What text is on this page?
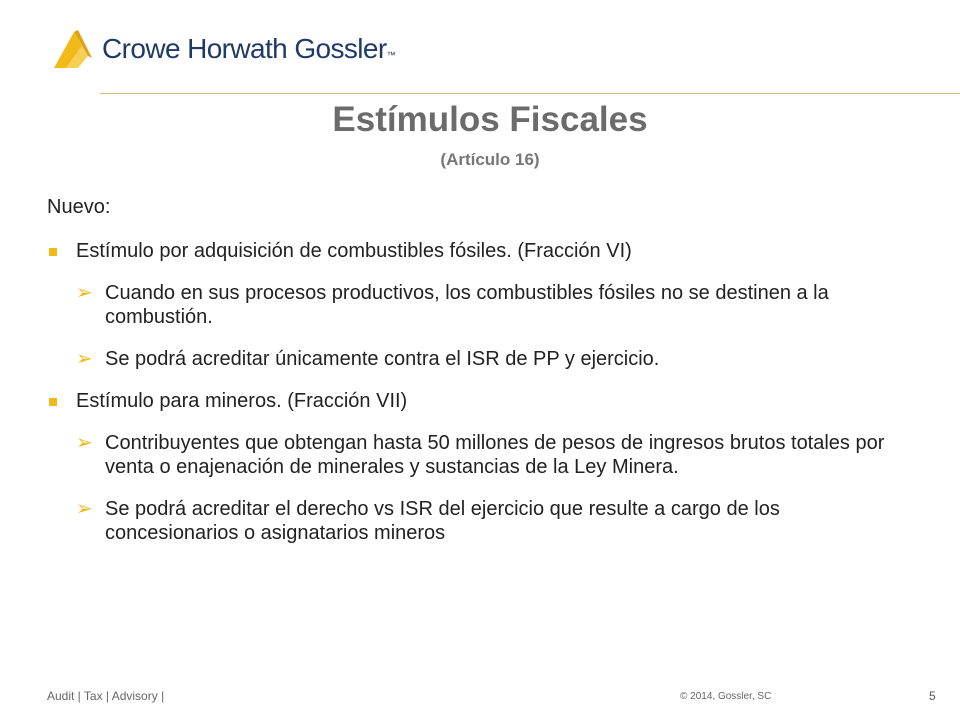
Crowe Horwath Gossler™
Estímulos Fiscales
(Artículo 16)
Nuevo:
Estímulo por adquisición de combustibles fósiles. (Fracción VI)
➢ Cuando en sus procesos productivos, los combustibles fósiles no se destinen a la combustión.
➢ Se podrá acreditar únicamente contra el ISR de PP y ejercicio.
Estímulo para mineros. (Fracción VII)
➢ Contribuyentes que obtengan hasta 50 millones de pesos de ingresos brutos totales por venta o enajenación de minerales y sustancias de la Ley Minera.
➢ Se podrá acreditar el derecho vs ISR del ejercicio que resulte a cargo de los concesionarios o asignatarios mineros
Audit | Tax | Advisory |	© 2014, Gossler, SC	5
